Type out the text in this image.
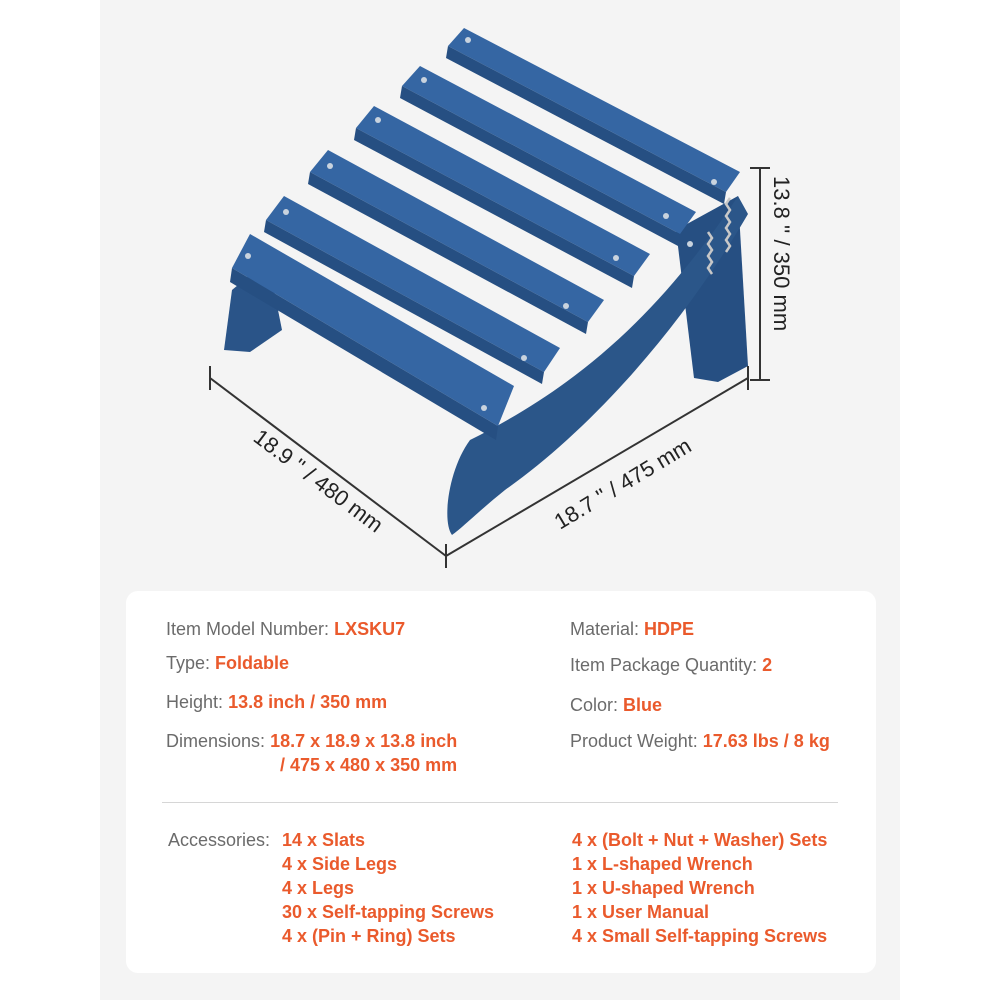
13.8 '' / 350 mm
18.9 '' / 480 mm	18.7 '' / 475 mm
Item Model Number: LXSKU7
Type: Foldable
Height: 13.8 inch / 350 mm
Dimensions: 18.7 x 18.9 x 13.8 inch
/ 475 x 480 x 350 mm
Material: HDPE
Item Package Quantity: 2
Color: Blue
Product Weight: 17.63 lbs / 8 kg
Accessories: 14 x Slats
4 x Side Legs
4 x Legs
30 x Self-tapping Screws
4 x (Pin + Ring) Sets
4 x (Bolt + Nut + Washer) Sets
1 x L-shaped Wrench
1 x U-shaped Wrench
1 x User Manual
4 x Small Self-tapping Screws
